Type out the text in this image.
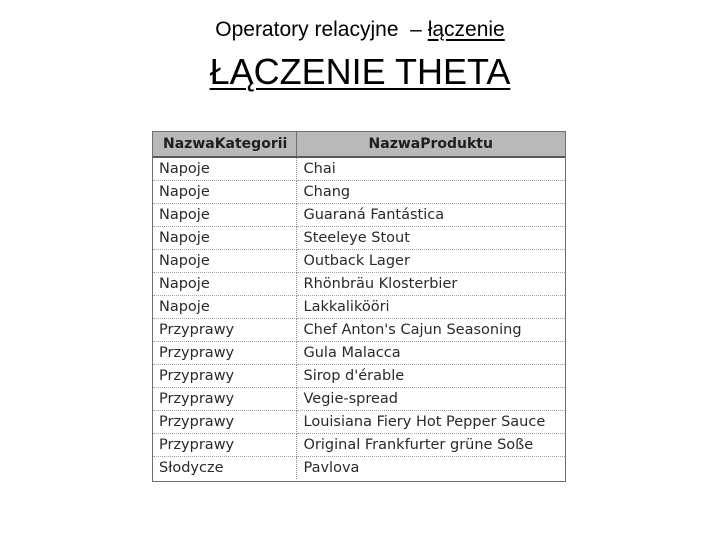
Operatory relacyjne  – łączenie
ŁĄCZENIE THETA
NazwaKategorii	NazwaProduktu
Napoje	Chai
Napoje	Chang
Napoje	Guaraná Fantástica
Napoje	Steeleye Stout
Napoje	Outback Lager
Napoje	Rhönbräu Klosterbier
Napoje	Lakkalikööri
Przyprawy	Chef Anton's Cajun Seasoning
Przyprawy	Gula Malacca
Przyprawy	Sirop d'érable
Przyprawy	Vegie-spread
Przyprawy	Louisiana Fiery Hot Pepper Sauce
Przyprawy	Original Frankfurter grüne Soße
Słodycze	Pavlova
